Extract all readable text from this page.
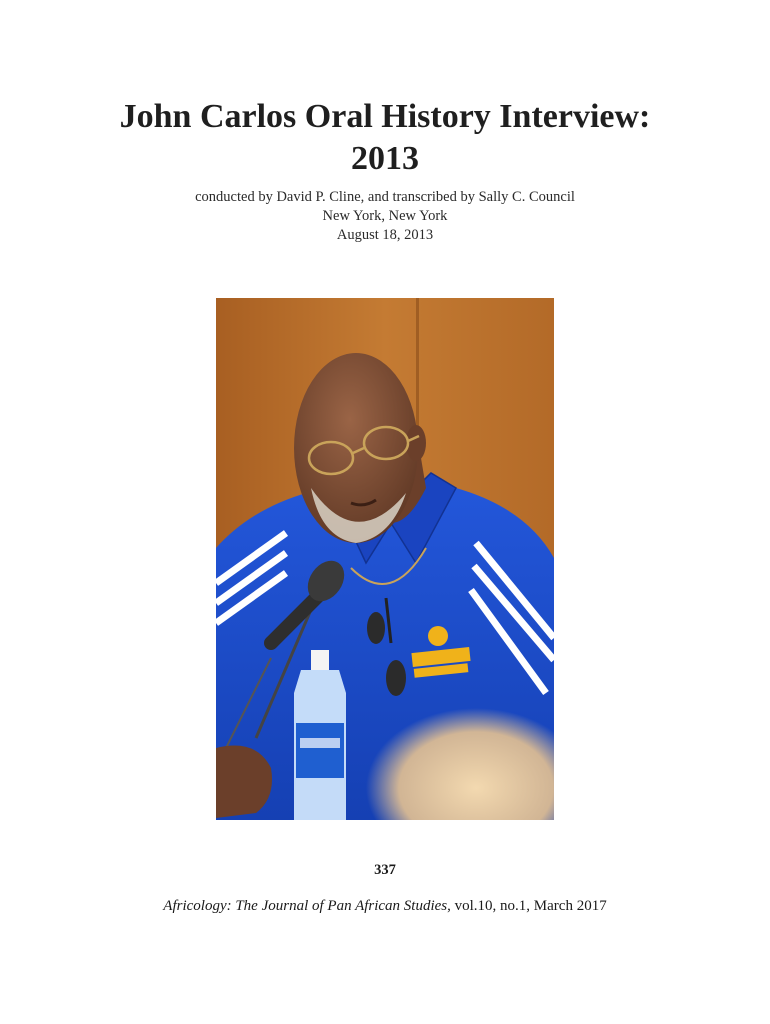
John Carlos Oral History Interview:
2013
conducted by David P. Cline, and transcribed by Sally C. Council
New York, New York
August 18, 2013
337
Africology: The Journal of Pan African Studies, vol.10, no.1, March 2017
